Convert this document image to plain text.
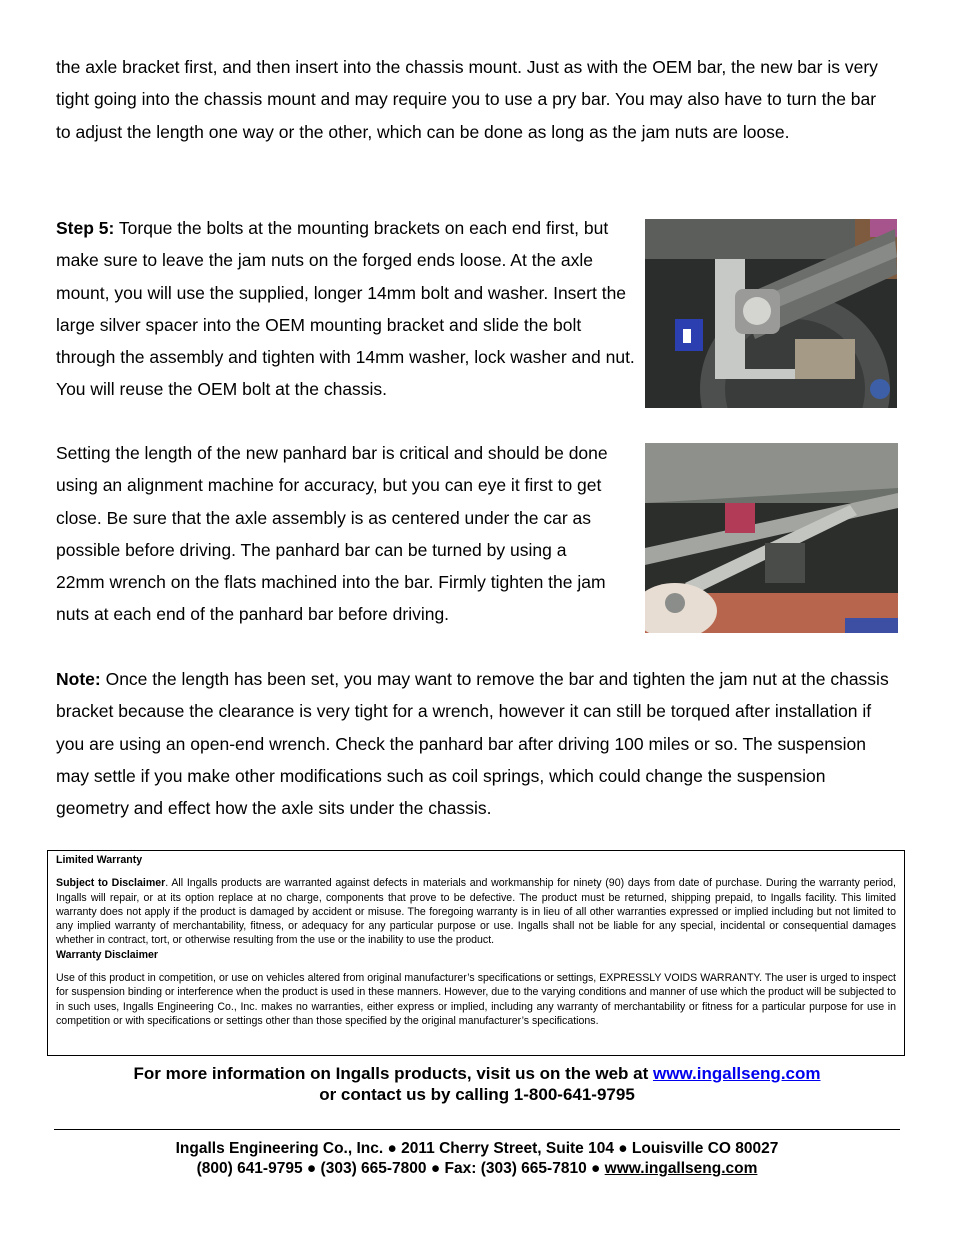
the axle bracket first, and then insert into the chassis mount. Just as with the OEM bar, the new bar is very tight going into the chassis mount and may require you to use a pry bar. You may also have to turn the bar to adjust the length one way or the other, which can be done as long as the jam nuts are loose.

Step 5: Torque the bolts at the mounting brackets on each end first, but make sure to leave the jam nuts on the forged ends loose. At the axle mount, you will use the supplied, longer 14mm bolt and washer. Insert the large silver spacer into the OEM mounting bracket and slide the bolt through the assembly and tighten with 14mm washer, lock washer and nut. You will reuse the OEM bolt at the chassis.

Setting the length of the new panhard bar is critical and should be done using an alignment machine for accuracy, but you can eye it first to get close. Be sure that the axle assembly is as centered under the car as possible before driving. The panhard bar can be turned by using a 22mm wrench on the flats machined into the bar. Firmly tighten the jam nuts at each end of the panhard bar before driving.

Note: Once the length has been set, you may want to remove the bar and tighten the jam nut at the chassis bracket because the clearance is very tight for a wrench, however it can still be torqued after installation if you are using an open-end wrench. Check the panhard bar after driving 100 miles or so. The suspension may settle if you make other modifications such as coil springs, which could change the suspension geometry and effect how the axle sits under the chassis.

Limited Warranty

Subject to Disclaimer. All Ingalls products are warranted against defects in materials and workmanship for ninety (90) days from date of purchase. During the warranty period, Ingalls will repair, or at its option replace at no charge, components that prove to be defective. The product must be returned, shipping prepaid, to Ingalls facility. This limited warranty does not apply if the product is damaged by accident or misuse. The foregoing warranty is in lieu of all other warranties expressed or implied including but not limited to any implied warranty of merchantability, fitness, or adequacy for any particular purpose or use. Ingalls shall not be liable for any special, incidental or consequential damages whether in contract, tort, or otherwise resulting from the use or the inability to use the product.

Warranty Disclaimer

Use of this product in competition, or use on vehicles altered from original manufacturer’s specifications or settings, EXPRESSLY VOIDS WARRANTY. The user is urged to inspect for suspension binding or interference when the product is used in these manners. However, due to the varying conditions and manner of use which the product will be subjected to in such uses, Ingalls Engineering Co., Inc. makes no warranties, either express or implied, including any warranty of merchantability or fitness for a particular purpose for use in competition or with specifications or settings other than those specified by the original manufacturer’s specifications.

For more information on Ingalls products, visit us on the web at www.ingallseng.com
or contact us by calling 1-800-641-9795
Ingalls Engineering Co., Inc. ● 2011 Cherry Street, Suite 104 ● Louisville CO 80027
(800) 641-9795 ● (303) 665-7800 ● Fax: (303) 665-7810 ● www.ingallseng.com
